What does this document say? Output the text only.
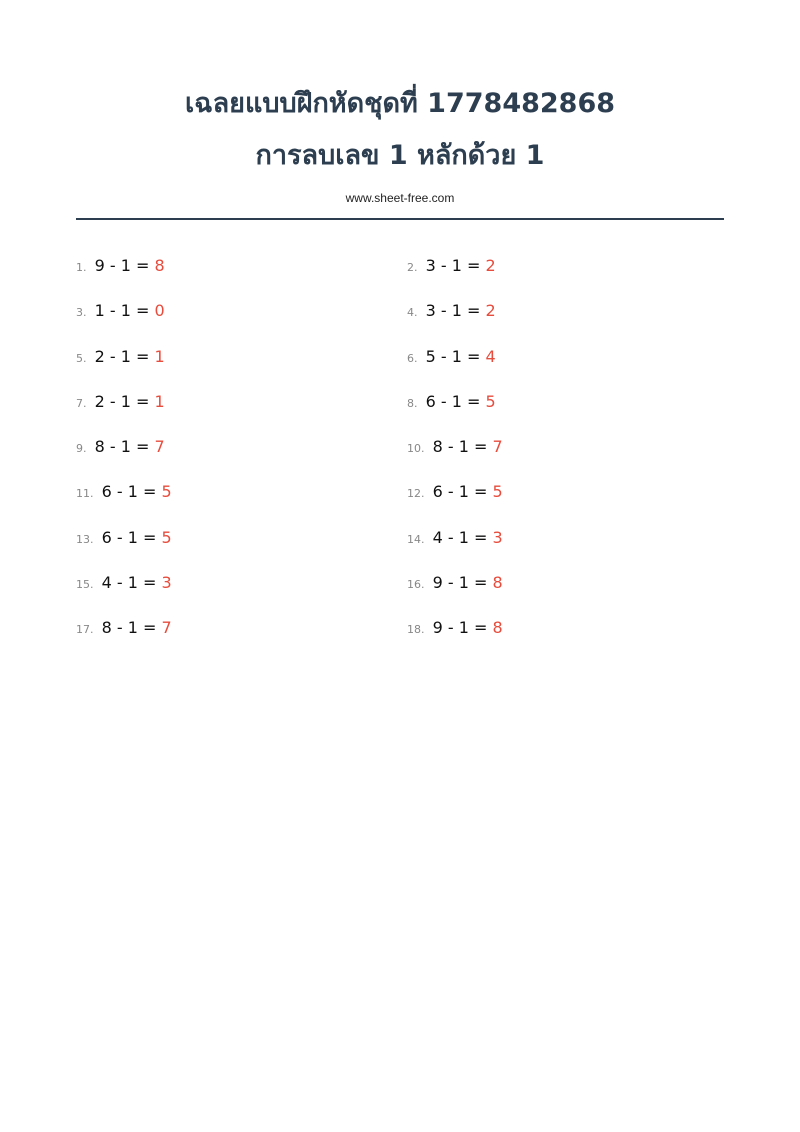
เฉลยแบบฝึกหัดชุดที่ 1778482868
การลบเลข 1 หลักด้วย 1
www.sheet-free.com
1. 9 - 1 = 8	2. 3 - 1 = 2
3. 1 - 1 = 0	4. 3 - 1 = 2
5. 2 - 1 = 1	6. 5 - 1 = 4
7. 2 - 1 = 1	8. 6 - 1 = 5
9. 8 - 1 = 7	10. 8 - 1 = 7
11. 6 - 1 = 5	12. 6 - 1 = 5
13. 6 - 1 = 5	14. 4 - 1 = 3
15. 4 - 1 = 3	16. 9 - 1 = 8
17. 8 - 1 = 7	18. 9 - 1 = 8
